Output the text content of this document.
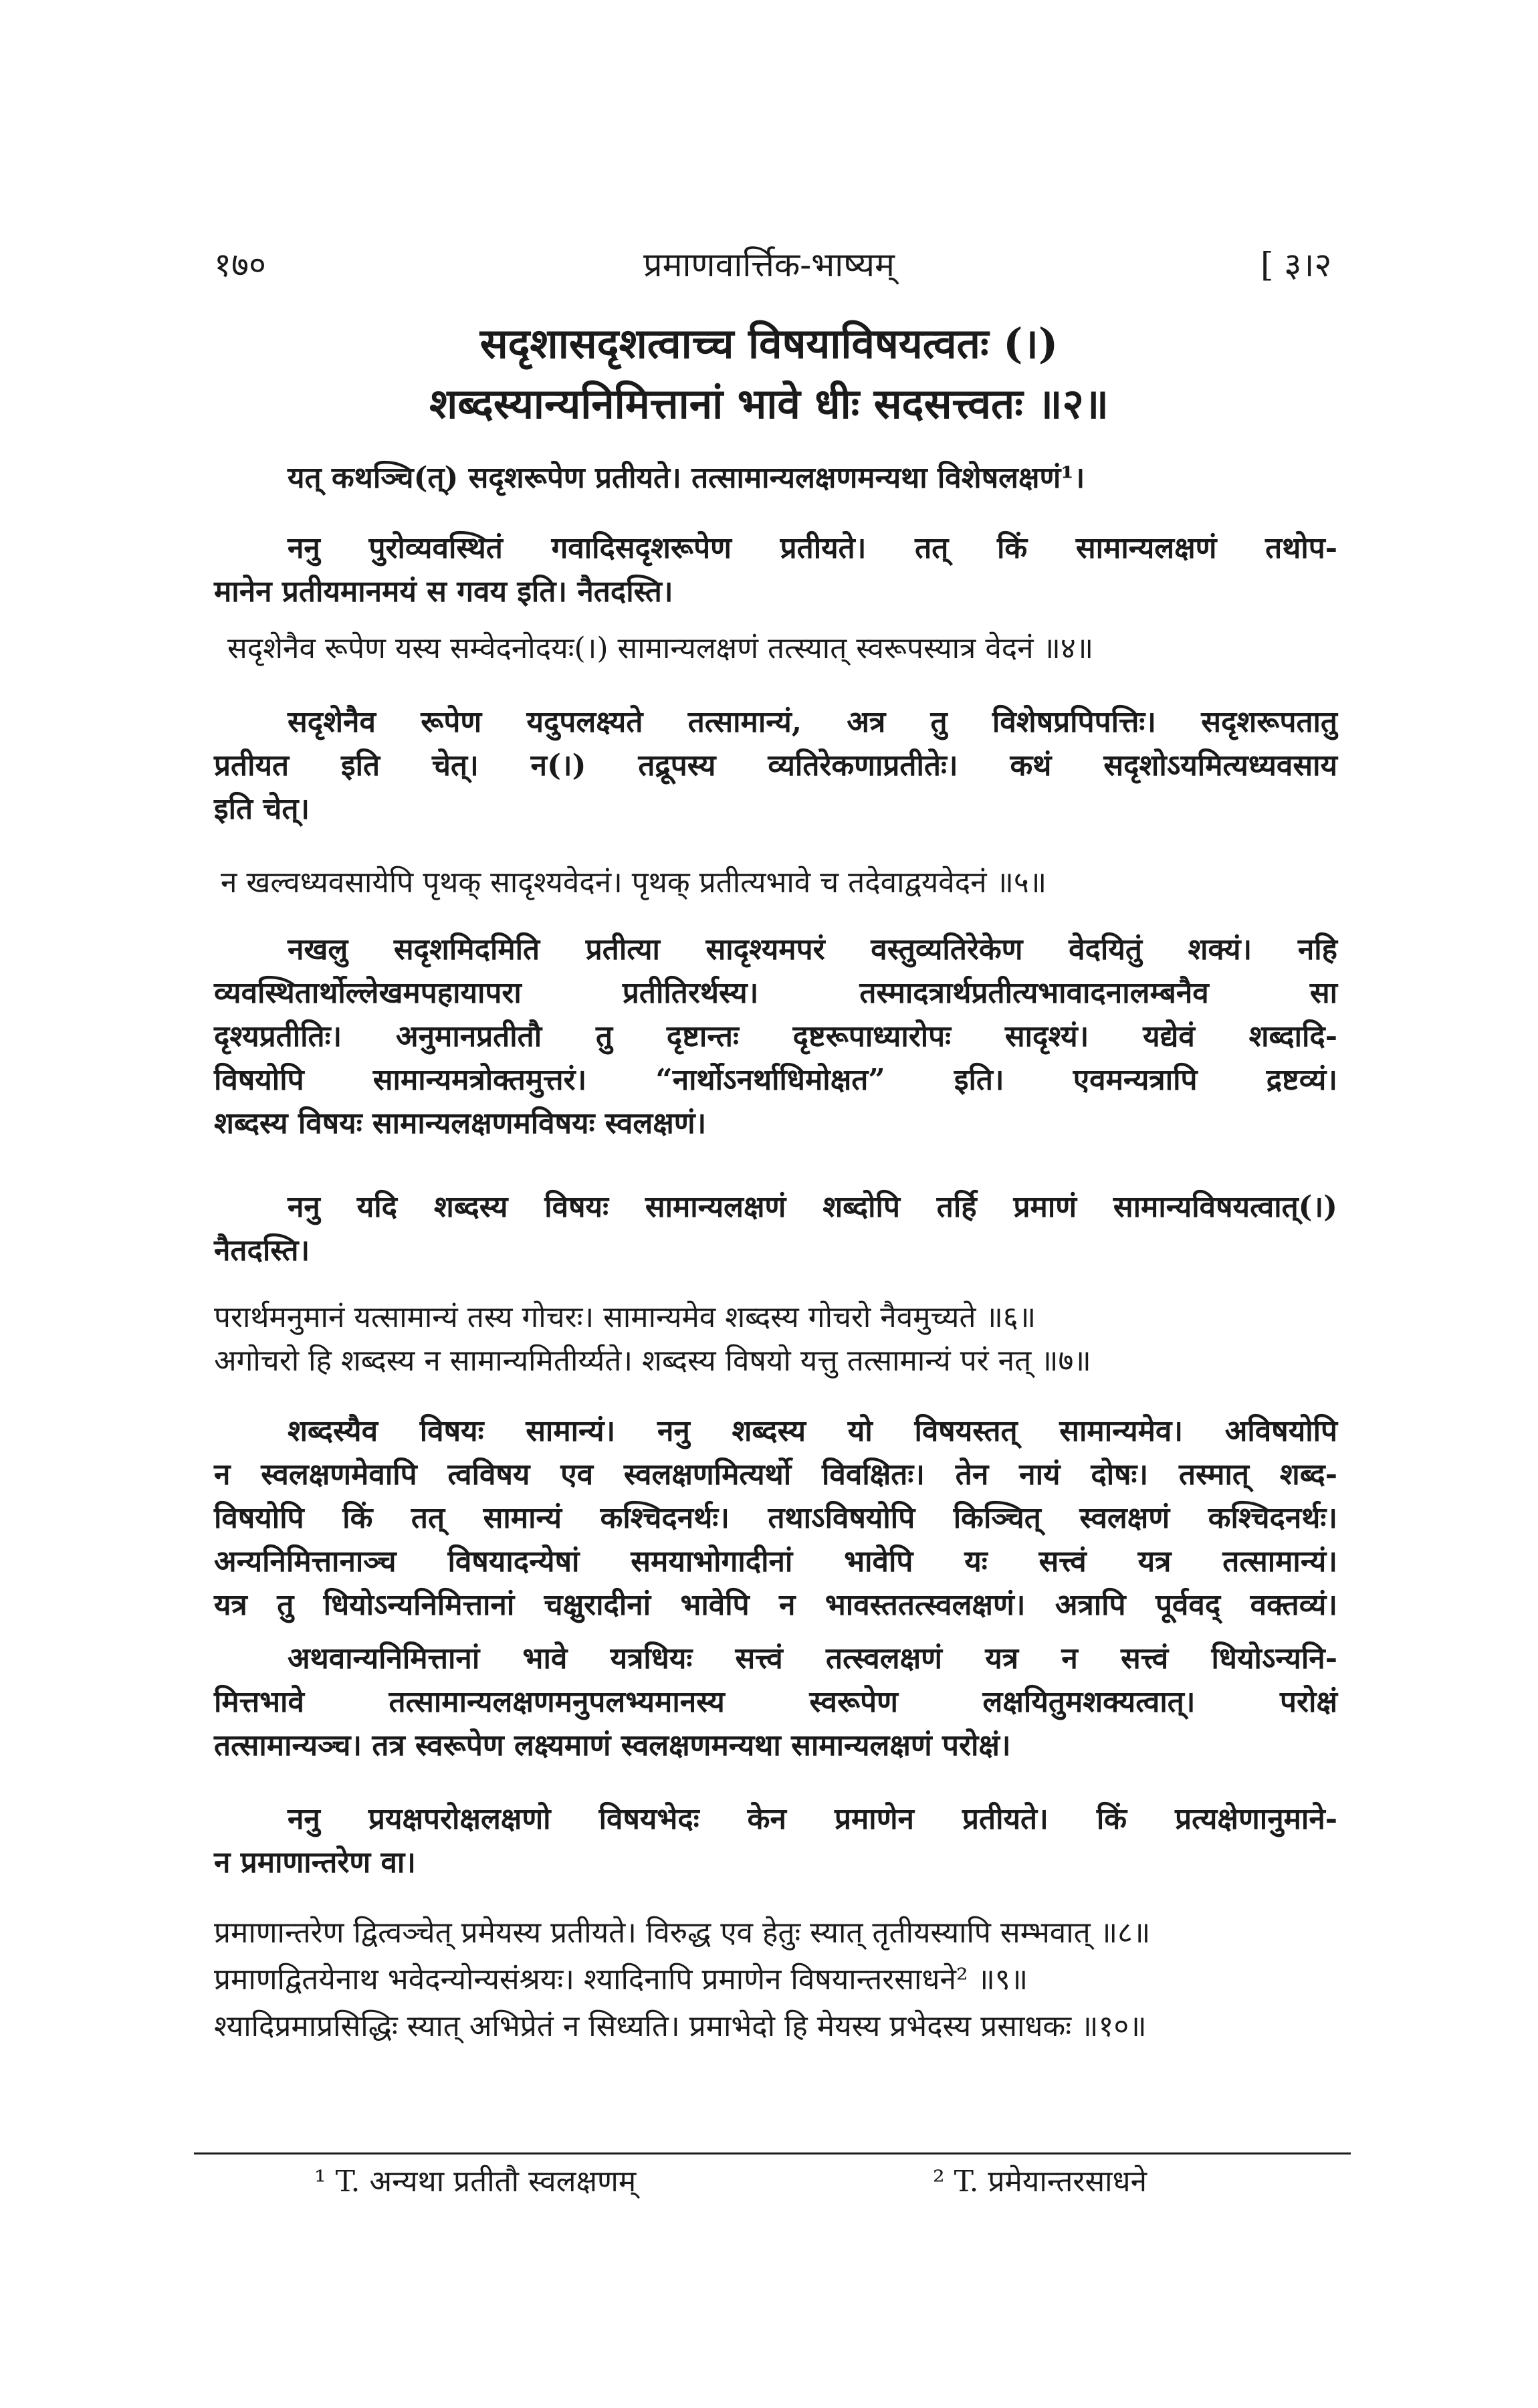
१७०	प्रमाणवार्त्तिक-भाष्यम्	[ ३।२
सदृशासदृशत्वाच्च विषयाविषयत्वतः (।)
शब्दस्यान्यनिमित्तानां भावे धीः सदसत्त्वतः ॥२॥
यत् कथञ्चि(त्) सदृशरूपेण प्रतीयते। तत्सामान्यलक्षणमन्यथा विशेषलक्षणं¹।
ननु पुरोव्यवस्थितं गवादिसदृशरूपेण प्रतीयते। तत् किं सामान्यलक्षणं तथोप-
मानेन प्रतीयमानमयं स गवय इति। नैतदस्ति।
सदृशेनैव रूपेण यस्य सम्वेदनोदयः(।) सामान्यलक्षणं तत्स्यात् स्वरूपस्यात्र वेदनं ॥४॥
सदृशेनैव रूपेण यदुपलक्ष्यते तत्सामान्यं, अत्र तु विशेषप्रपिपत्तिः। सदृशरूपतातु
प्रतीयत इति चेत्। न(।) तद्रूपस्य व्यतिरेकणाप्रतीतेः। कथं सदृशोऽयमित्यध्यवसाय
इति चेत्।
न खल्वध्यवसायेपि पृथक् सादृश्यवेदनं। पृथक् प्रतीत्यभावे च तदेवाद्वयवेदनं ॥५॥
नखलु सदृशमिदमिति प्रतीत्या सादृश्यमपरं वस्तुव्यतिरेकेण वेदयितुं शक्यं। नहि
व्यवस्थितार्थोल्लेखमपहायापरा प्रतीतिरर्थस्य। तस्मादत्रार्थप्रतीत्यभावादनालम्बनैव सा
दृश्यप्रतीतिः। अनुमानप्रतीतौ तु दृष्टान्तः दृष्टरूपाध्यारोपः सादृश्यं। यद्येवं शब्दादि-
विषयोपि सामान्यमत्रोक्तमुत्तरं। “नार्थोऽनर्थाधिमोक्षत” इति। एवमन्यत्रापि द्रष्टव्यं।
शब्दस्य विषयः सामान्यलक्षणमविषयः स्वलक्षणं।
ननु यदि शब्दस्य विषयः सामान्यलक्षणं शब्दोपि तर्हि प्रमाणं सामान्यविषयत्वात्(।)
नैतदस्ति।
परार्थमनुमानं यत्सामान्यं तस्य गोचरः। सामान्यमेव शब्दस्य गोचरो नैवमुच्यते ॥६॥
अगोचरो हि शब्दस्य न सामान्यमितीर्य्यते। शब्दस्य विषयो यत्तु तत्सामान्यं परं नत् ॥७॥
शब्दस्यैव विषयः सामान्यं। ननु शब्दस्य यो विषयस्तत् सामान्यमेव। अविषयोपि
न स्वलक्षणमेवापि त्वविषय एव स्वलक्षणमित्यर्थो विवक्षितः। तेन नायं दोषः। तस्मात् शब्द-
विषयोपि किं तत् सामान्यं कश्चिदनर्थः। तथाऽविषयोपि किञ्चित् स्वलक्षणं कश्चिदनर्थः।
अन्यनिमित्तानाञ्च विषयादन्येषां समयाभोगादीनां भावेपि यः सत्त्वं यत्र तत्सामान्यं।
यत्र तु धियोऽन्यनिमित्तानां चक्षुरादीनां भावेपि न भावस्ततत्स्वलक्षणं। अत्रापि पूर्ववद् वक्तव्यं।
अथवान्यनिमित्तानां भावे यत्रधियः सत्त्वं तत्स्वलक्षणं यत्र न सत्त्वं धियोऽन्यनि-
मित्तभावे तत्सामान्यलक्षणमनुपलभ्यमानस्य स्वरूपेण लक्षयितुमशक्यत्वात्। परोक्षं
तत्सामान्यञ्च। तत्र स्वरूपेण लक्ष्यमाणं स्वलक्षणमन्यथा सामान्यलक्षणं परोक्षं।
ननु प्रयक्षपरोक्षलक्षणो विषयभेदः केन प्रमाणेन प्रतीयते। किं प्रत्यक्षेणानुमाने-
न प्रमाणान्तरेण वा।
प्रमाणान्तरेण द्वित्वञ्चेत् प्रमेयस्य प्रतीयते। विरुद्ध एव हेतुः स्यात् तृतीयस्यापि सम्भवात् ॥८॥
प्रमाणद्वितयेनाथ भवेदन्योन्यसंश्रयः। श्यादिनापि प्रमाणेन विषयान्तरसाधने² ॥९॥
श्यादिप्रमाप्रसिद्धिः स्यात् अभिप्रेतं न सिध्यति। प्रमाभेदो हि मेयस्य प्रभेदस्य प्रसाधकः ॥१०॥
¹ T. अन्यथा प्रतीतौ स्वलक्षणम्	² T. प्रमेयान्तरसाधने
